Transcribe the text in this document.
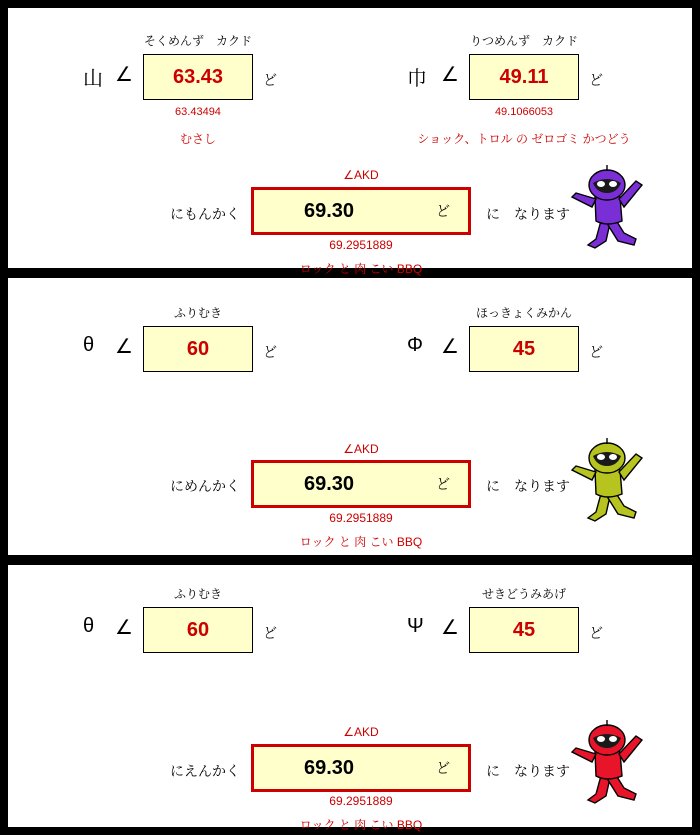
そくめんず　カクド
山 ∠	63.43	ど
63.43494
むさし
りつめんず　カクド
巾 ∠	49.11	ど
49.1066053
ショック、トロル の ゼロゴミ かつどう
∠AKD
にもんかく	69.30	ど	に　なります
69.2951889
ロック と 肉 こい BBQ
ふりむき
θ ∠	60	ど
ほっきょくみかん
Φ ∠	45	ど
∠AKD
にめんかく	69.30	ど	に　なります
69.2951889
ロック と 肉 こい BBQ
ふりむき
θ ∠	60	ど
せきどうみあげ
Ψ ∠	45	ど
∠AKD
にえんかく	69.30	ど	に　なります
69.2951889
ロック と 肉 こい BBQ
